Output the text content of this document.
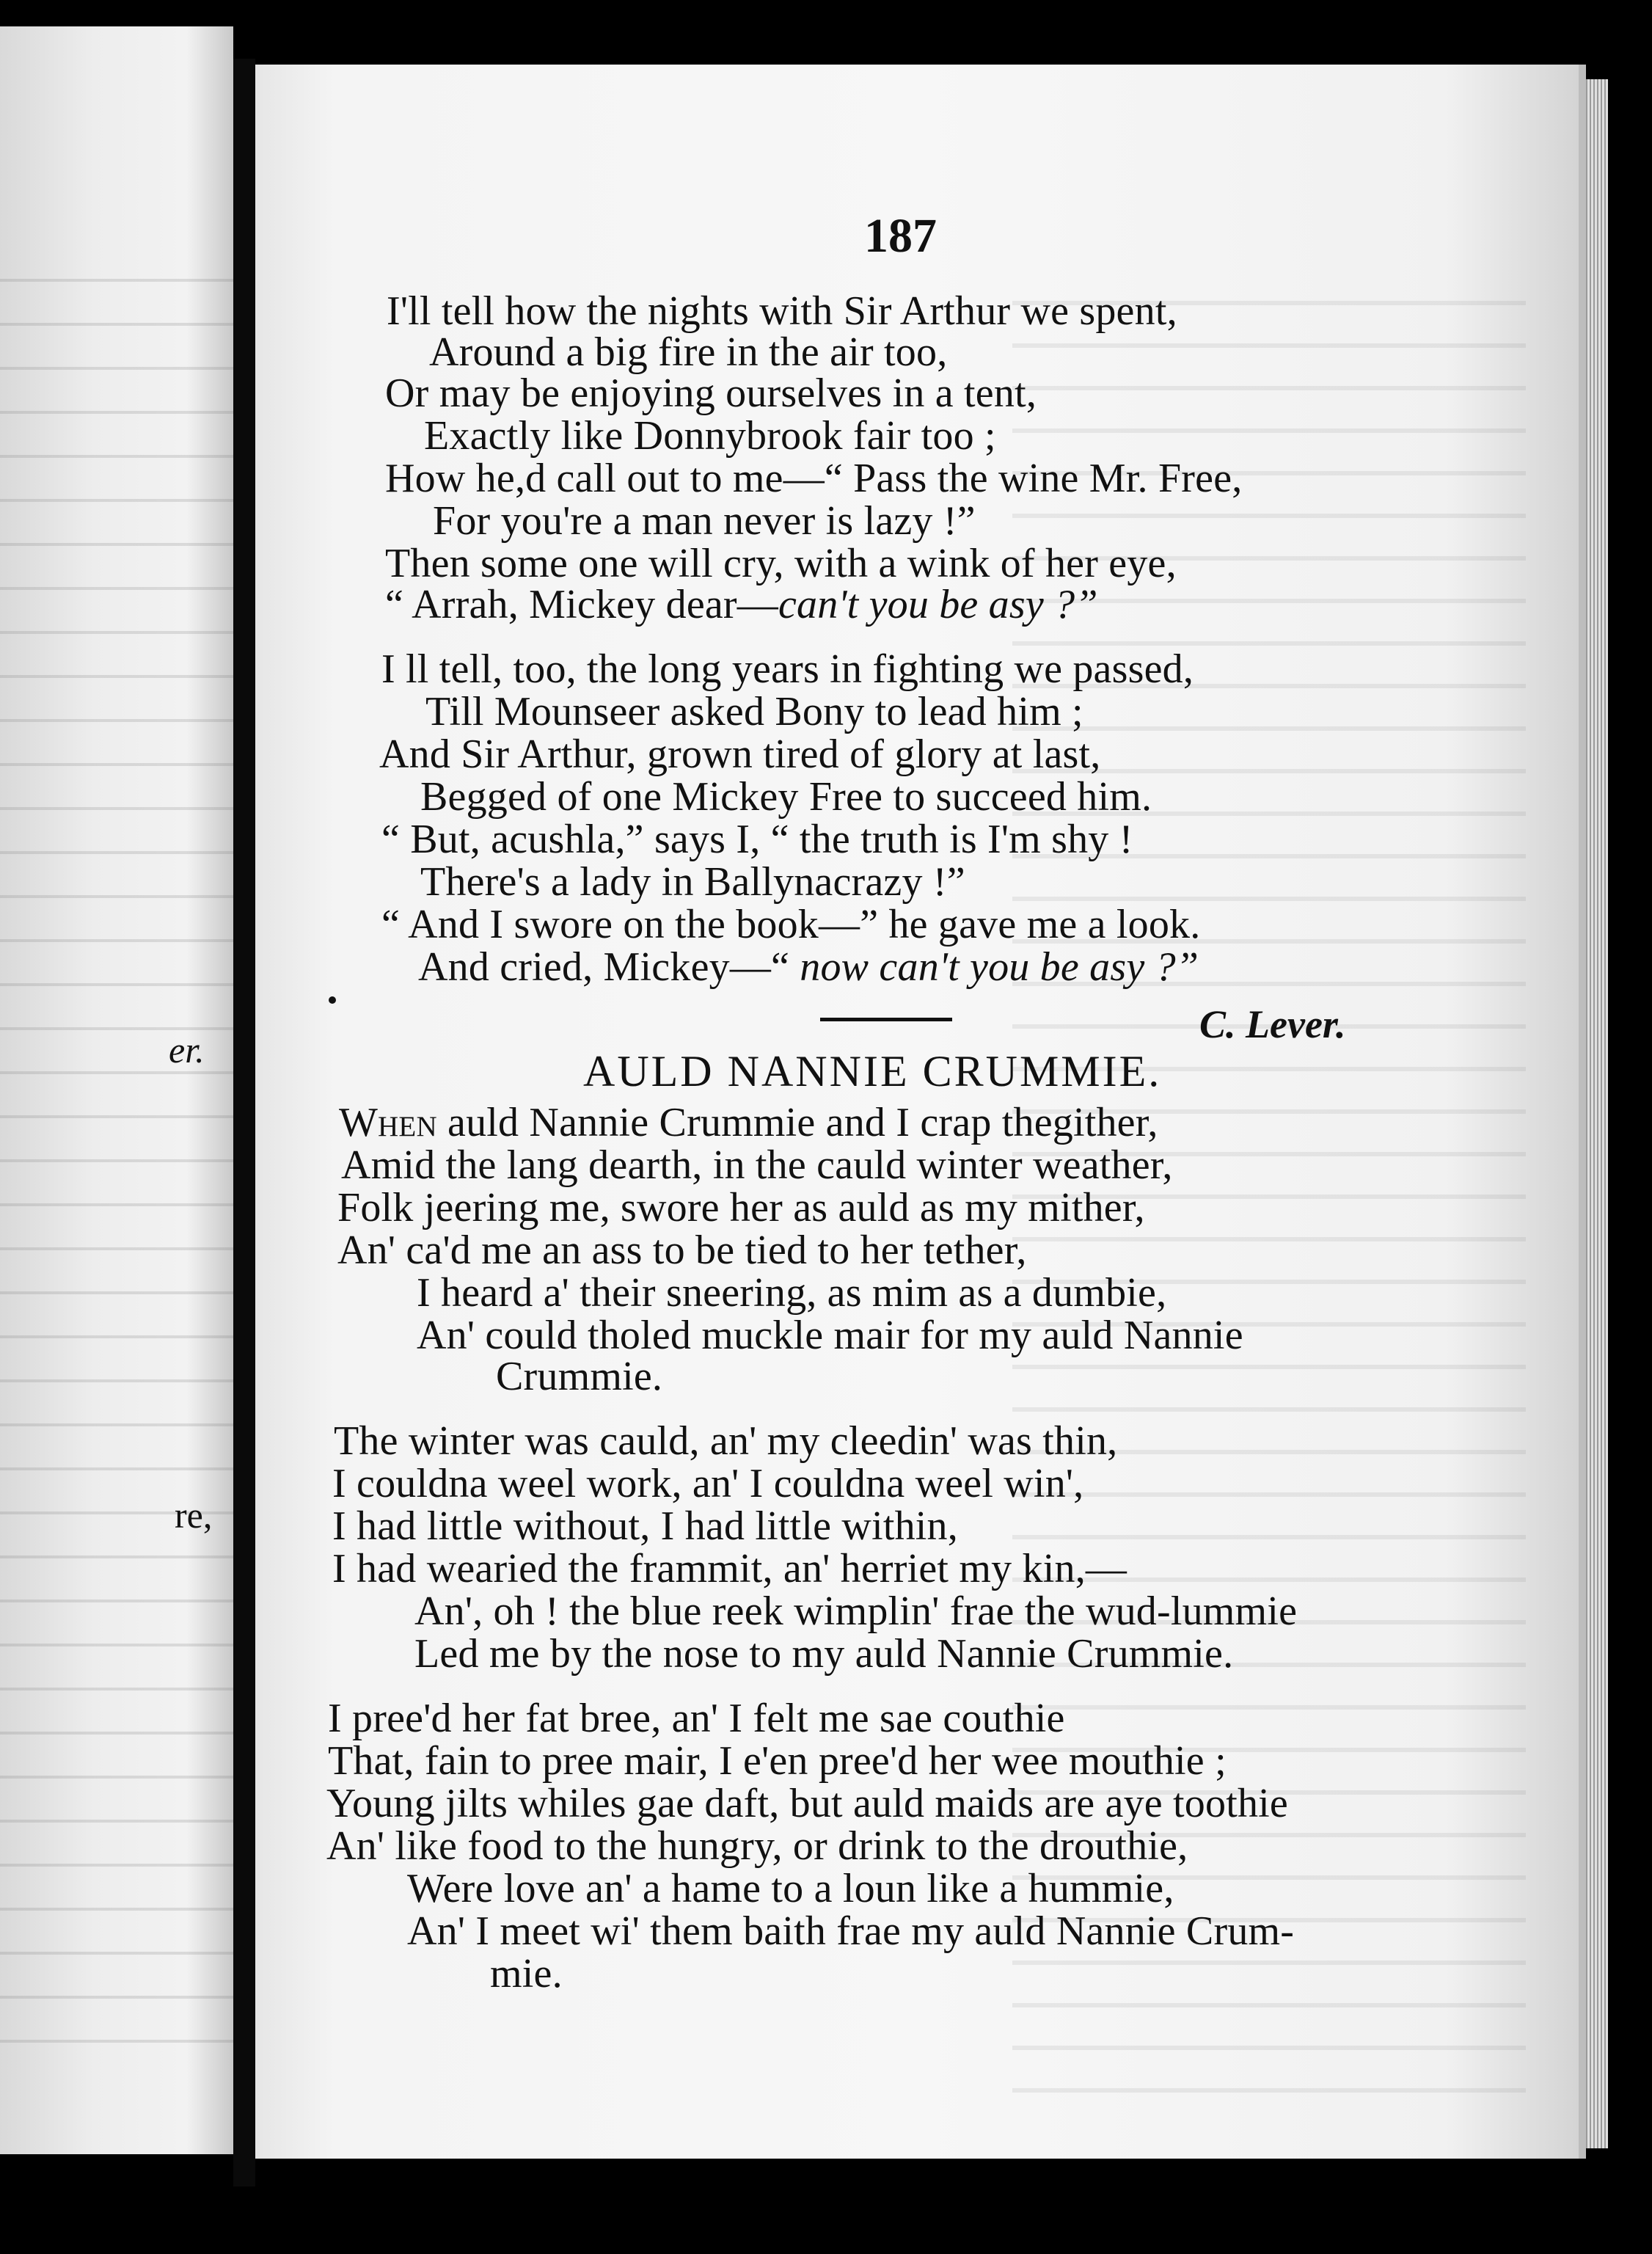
er.
re,
187
I'll tell how the nights with Sir Arthur we spent,
Around a big fire in the air too,
Or may be enjoying ourselves in a tent,
Exactly like Donnybrook fair too ;
How he,d call out to me—“ Pass the wine Mr. Free,
For you're a man never is lazy !”
Then some one will cry, with a wink of her eye,
“ Arrah, Mickey dear—can't you be asy ?”
I ll tell, too, the long years in fighting we passed,
Till Mounseer asked Bony to lead him ;
And Sir Arthur, grown tired of glory at last,
Begged of one Mickey Free to succeed him.
“ But, acushla,” says I, “ the truth is I'm shy !
There's a lady in Ballynacrazy !”
“ And I swore on the book—” he gave me a look.
And cried, Mickey—“ now can't you be asy ?”
C. Lever.
AULD NANNIE CRUMMIE.
When auld Nannie Crummie and I crap thegither,
Amid the lang dearth, in the cauld winter weather,
Folk jeering me, swore her as auld as my mither,
An' ca'd me an ass to be tied to her tether,
I heard a' their sneering, as mim as a dumbie,
An' could tholed muckle mair for my auld Nannie
Crummie.
The winter was cauld, an' my cleedin' was thin,
I couldna weel work, an' I couldna weel win',
I had little without, I had little within,
I had wearied the frammit, an' herriet my kin,—
An', oh ! the blue reek wimplin' frae the wud-lummie
Led me by the nose to my auld Nannie Crummie.
I pree'd her fat bree, an' I felt me sae couthie
That, fain to pree mair, I e'en pree'd her wee mouthie ;
Young jilts whiles gae daft, but auld maids are aye toothie
An' like food to the hungry, or drink to the drouthie,
Were love an' a hame to a loun like a hummie,
An' I meet wi' them baith frae my auld Nannie Crum-
mie.
